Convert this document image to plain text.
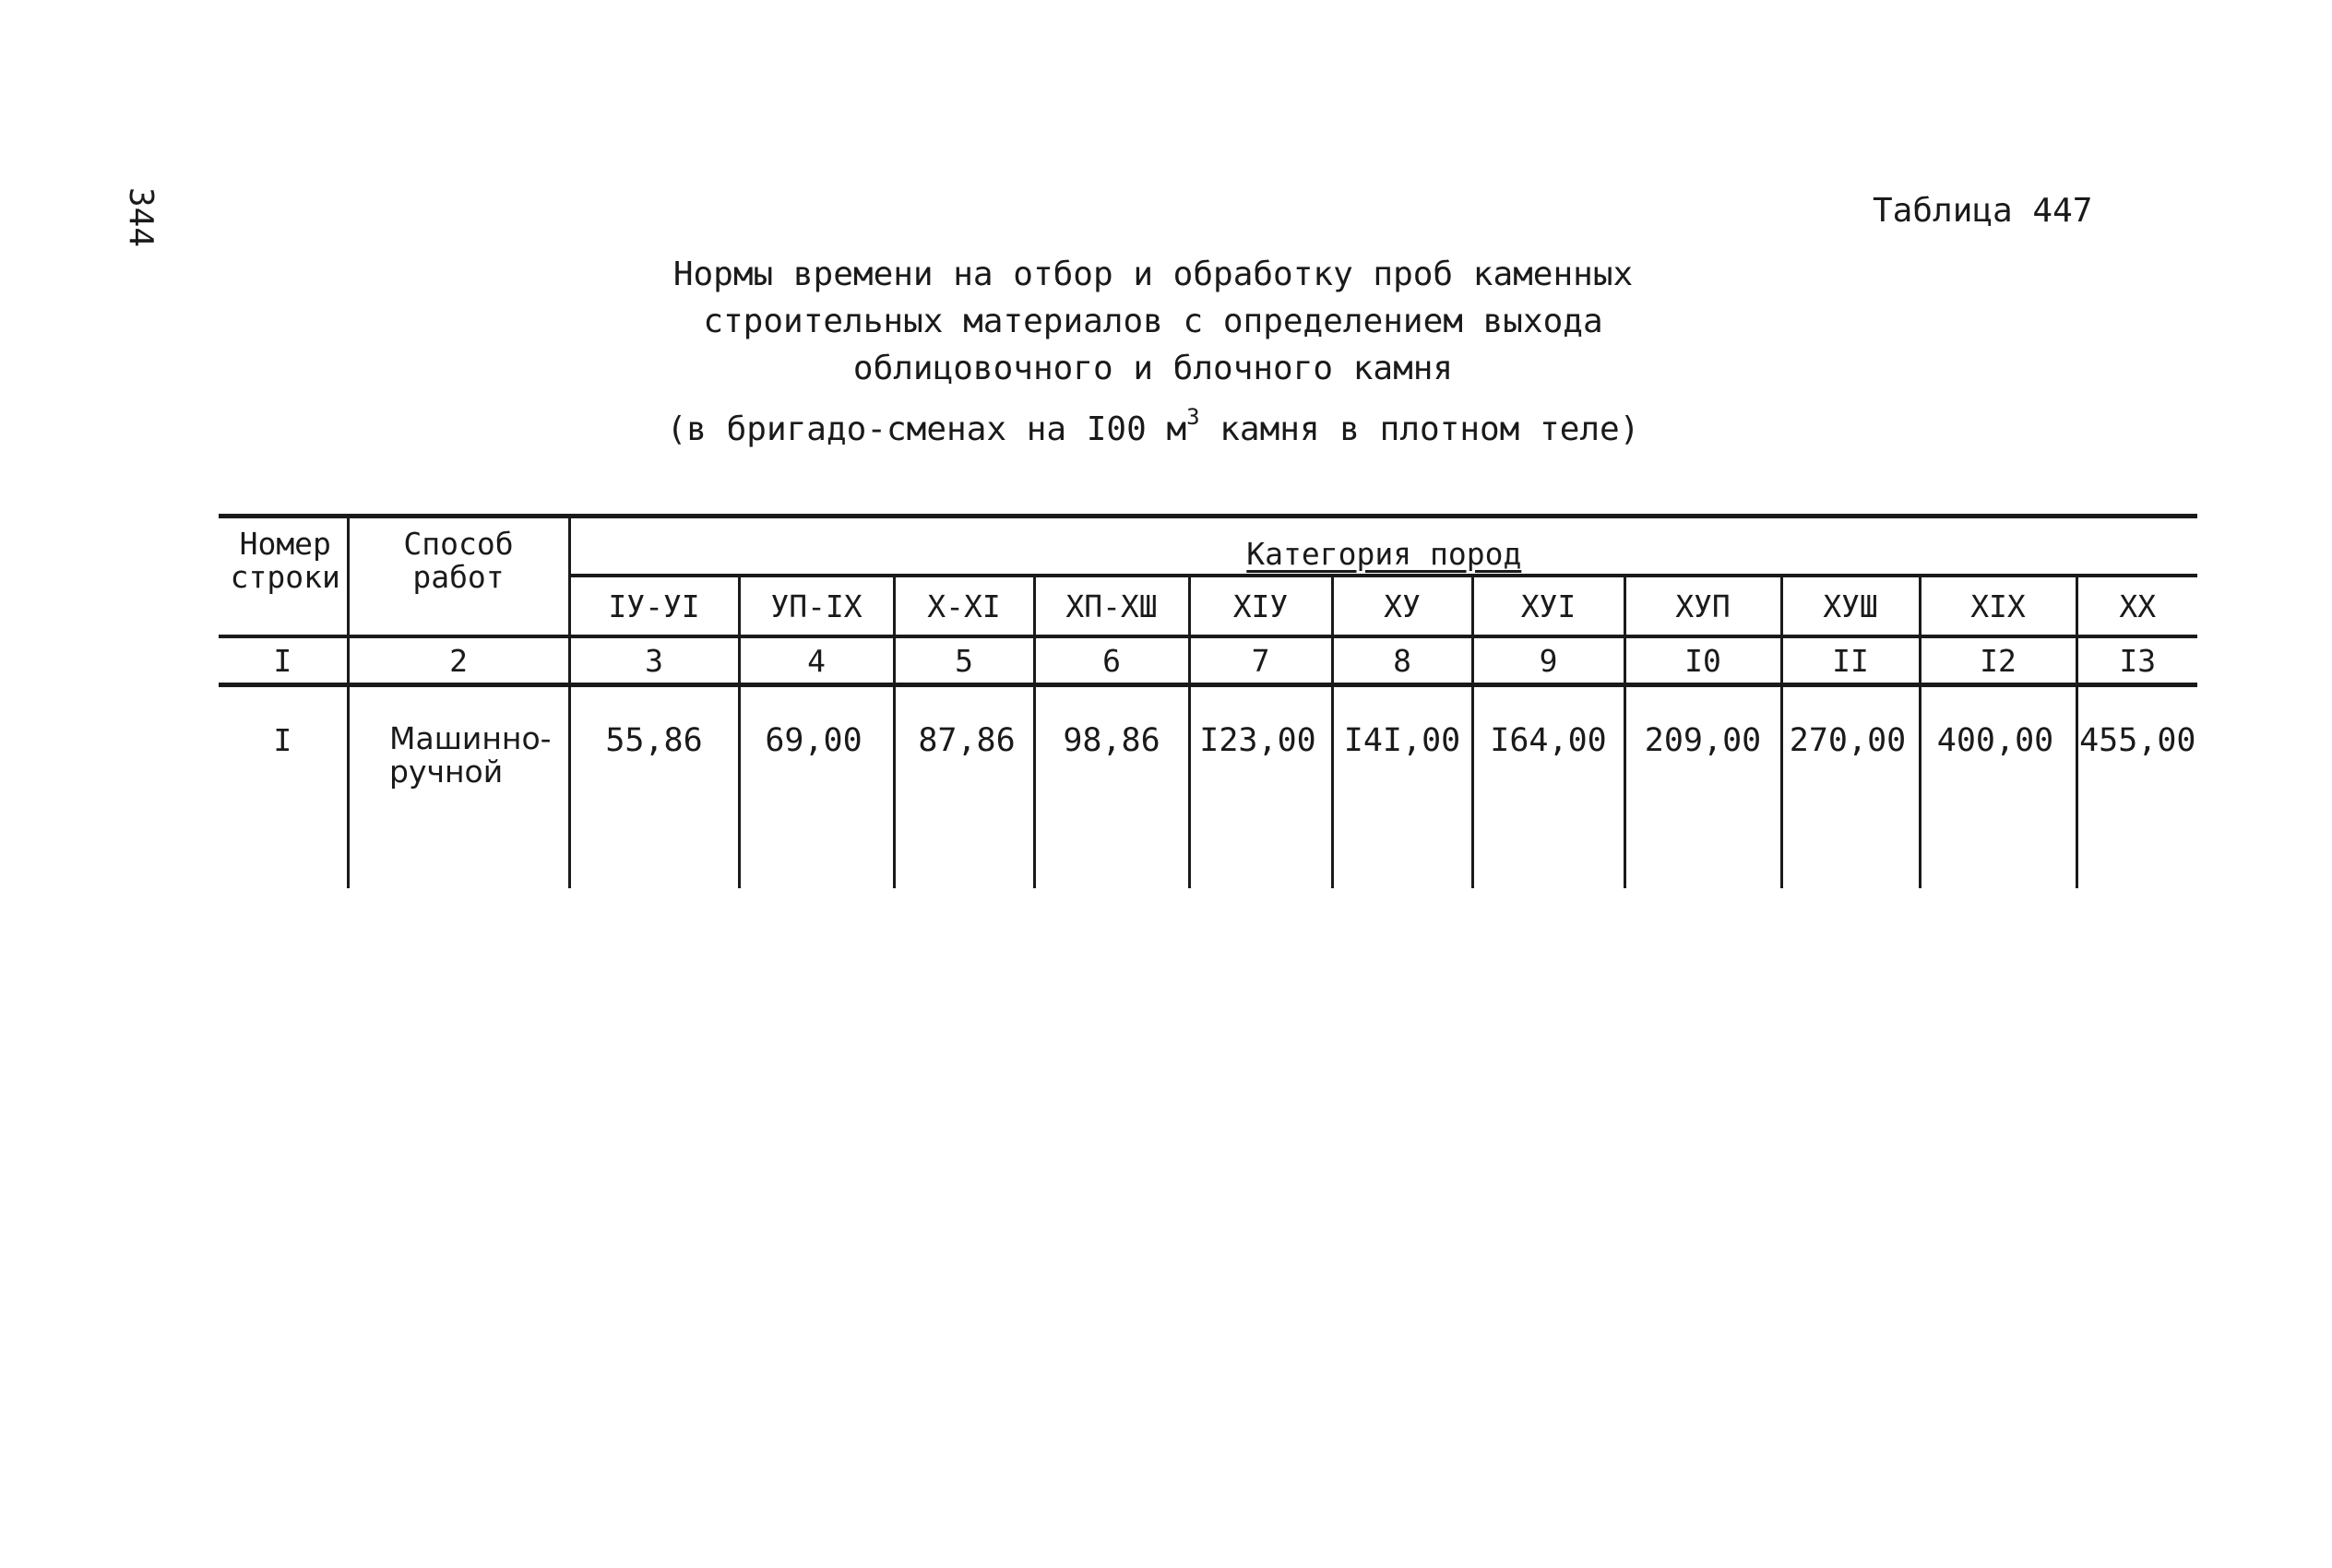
344	Таблица 447
Нормы времени на отбор и обработку проб каменных
строительных материалов с определением выхода
облицовочного и блочного камня
(в бригадо-сменах на I00 $м^3$ камня в плотном теле)
Номер строки	Способ работ	Категория пород										
		IУ-УI	УП-IX	X-XI	XП-XШ	XIУ	XУ	XУI	XУП	XУШ	XIX	XX
I	2	3	4	5	6	7	8	9	I0	II	I2	I3
I	Машинно-ручной	55,86	69,00	87,86	98,86	I23,00	I4I,00	I64,00	209,00	270,00	400,00	455,00
